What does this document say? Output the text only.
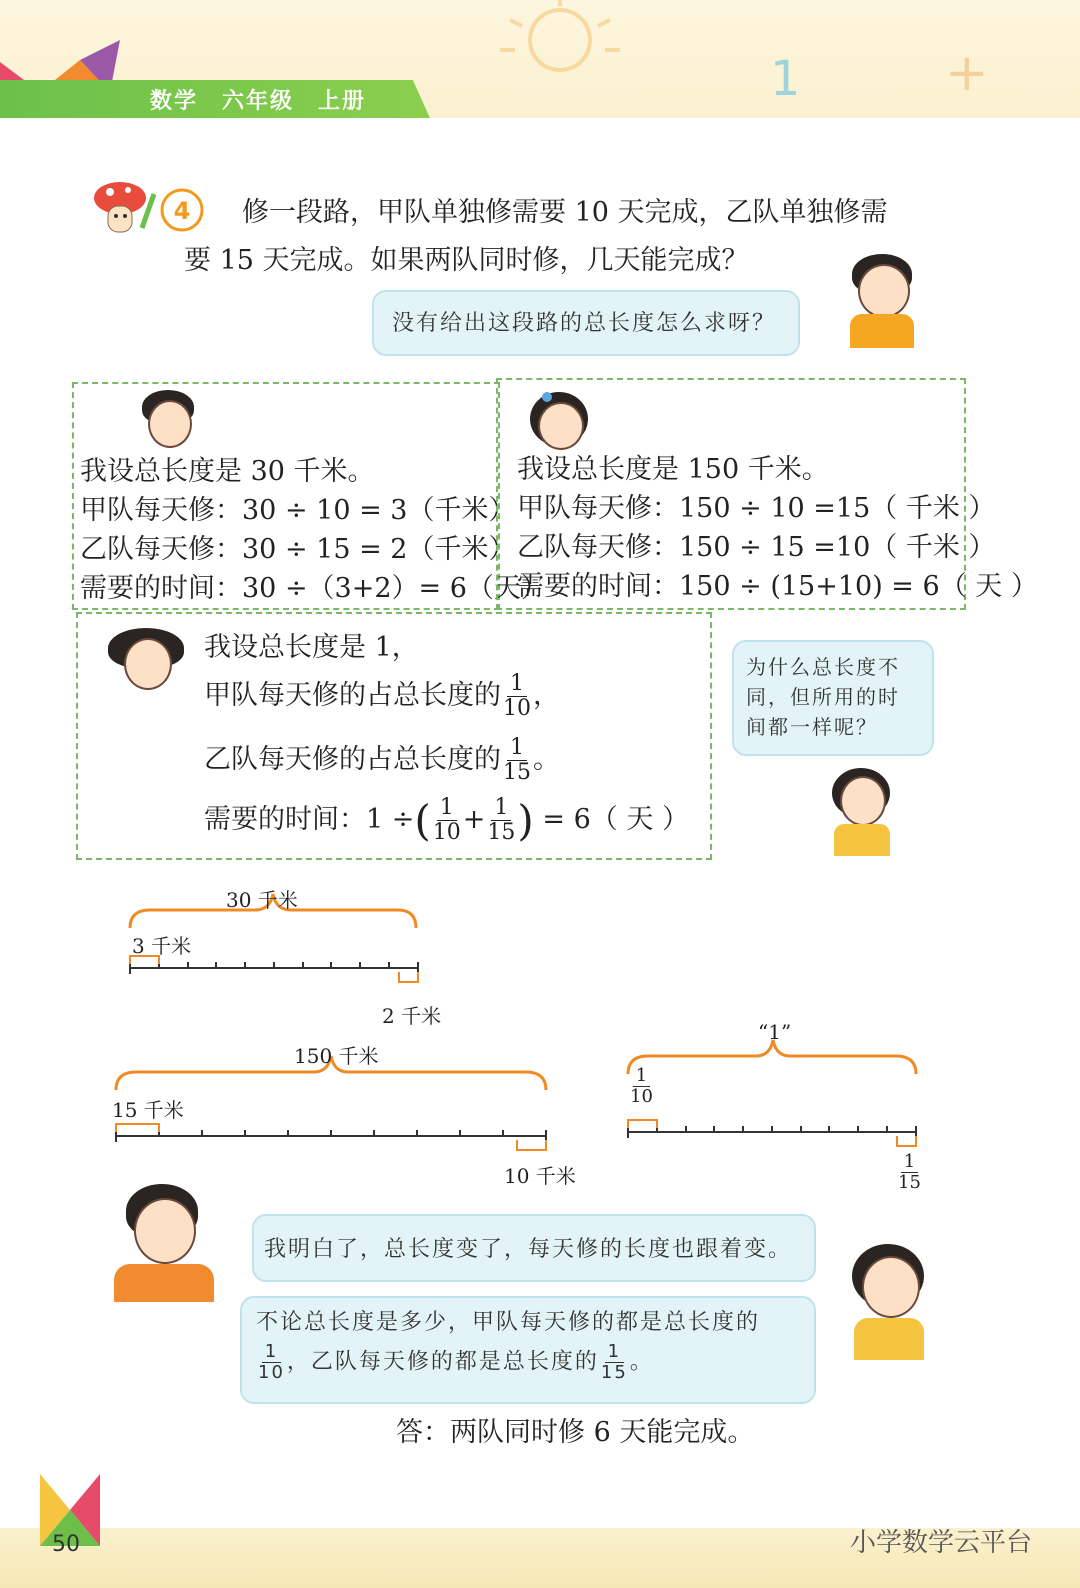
1	+
数学　六年级　上册
4 修一段路，甲队单独修需要 10 天完成，乙队单独修需
要 15 天完成。如果两队同时修，几天能完成？
没有给出这段路的总长度怎么求呀？
我设总长度是 30 千米。
甲队每天修：30 ÷ 10 = 3（千米）
乙队每天修：30 ÷ 15 = 2（千米）
需要的时间：30 ÷（3+2）= 6（天）
我设总长度是 150 千米。
甲队每天修：150 ÷ 10 =15（ 千米 ）
乙队每天修：150 ÷ 15 =10（ 千米 ）
需要的时间：150 ÷ (15+10) = 6（ 天 ）
我设总长度是 1，
甲队每天修的占总长度的 $\frac{1}{10}$ ，
乙队每天修的占总长度的 $\frac{1}{15}$ 。
需要的时间：1 ÷( $\frac{1}{10} + \frac{1}{15}$ ) = 6（ 天 ）
为什么总长度不同，但所用的时间都一样呢？
30 千米
3 千米
2 千米
150 千米
15 千米
10 千米
“1”
$\frac{1}{10}$
$\frac{1}{15}$
我明白了，总长度变了，每天修的长度也跟着变。
不论总长度是多少，甲队每天修的都是总长度的
$\frac{1}{10}$ ，乙队每天修的都是总长度的 $\frac{1}{15}$ 。
答：两队同时修 6 天能完成。
50	小学数学云平台
